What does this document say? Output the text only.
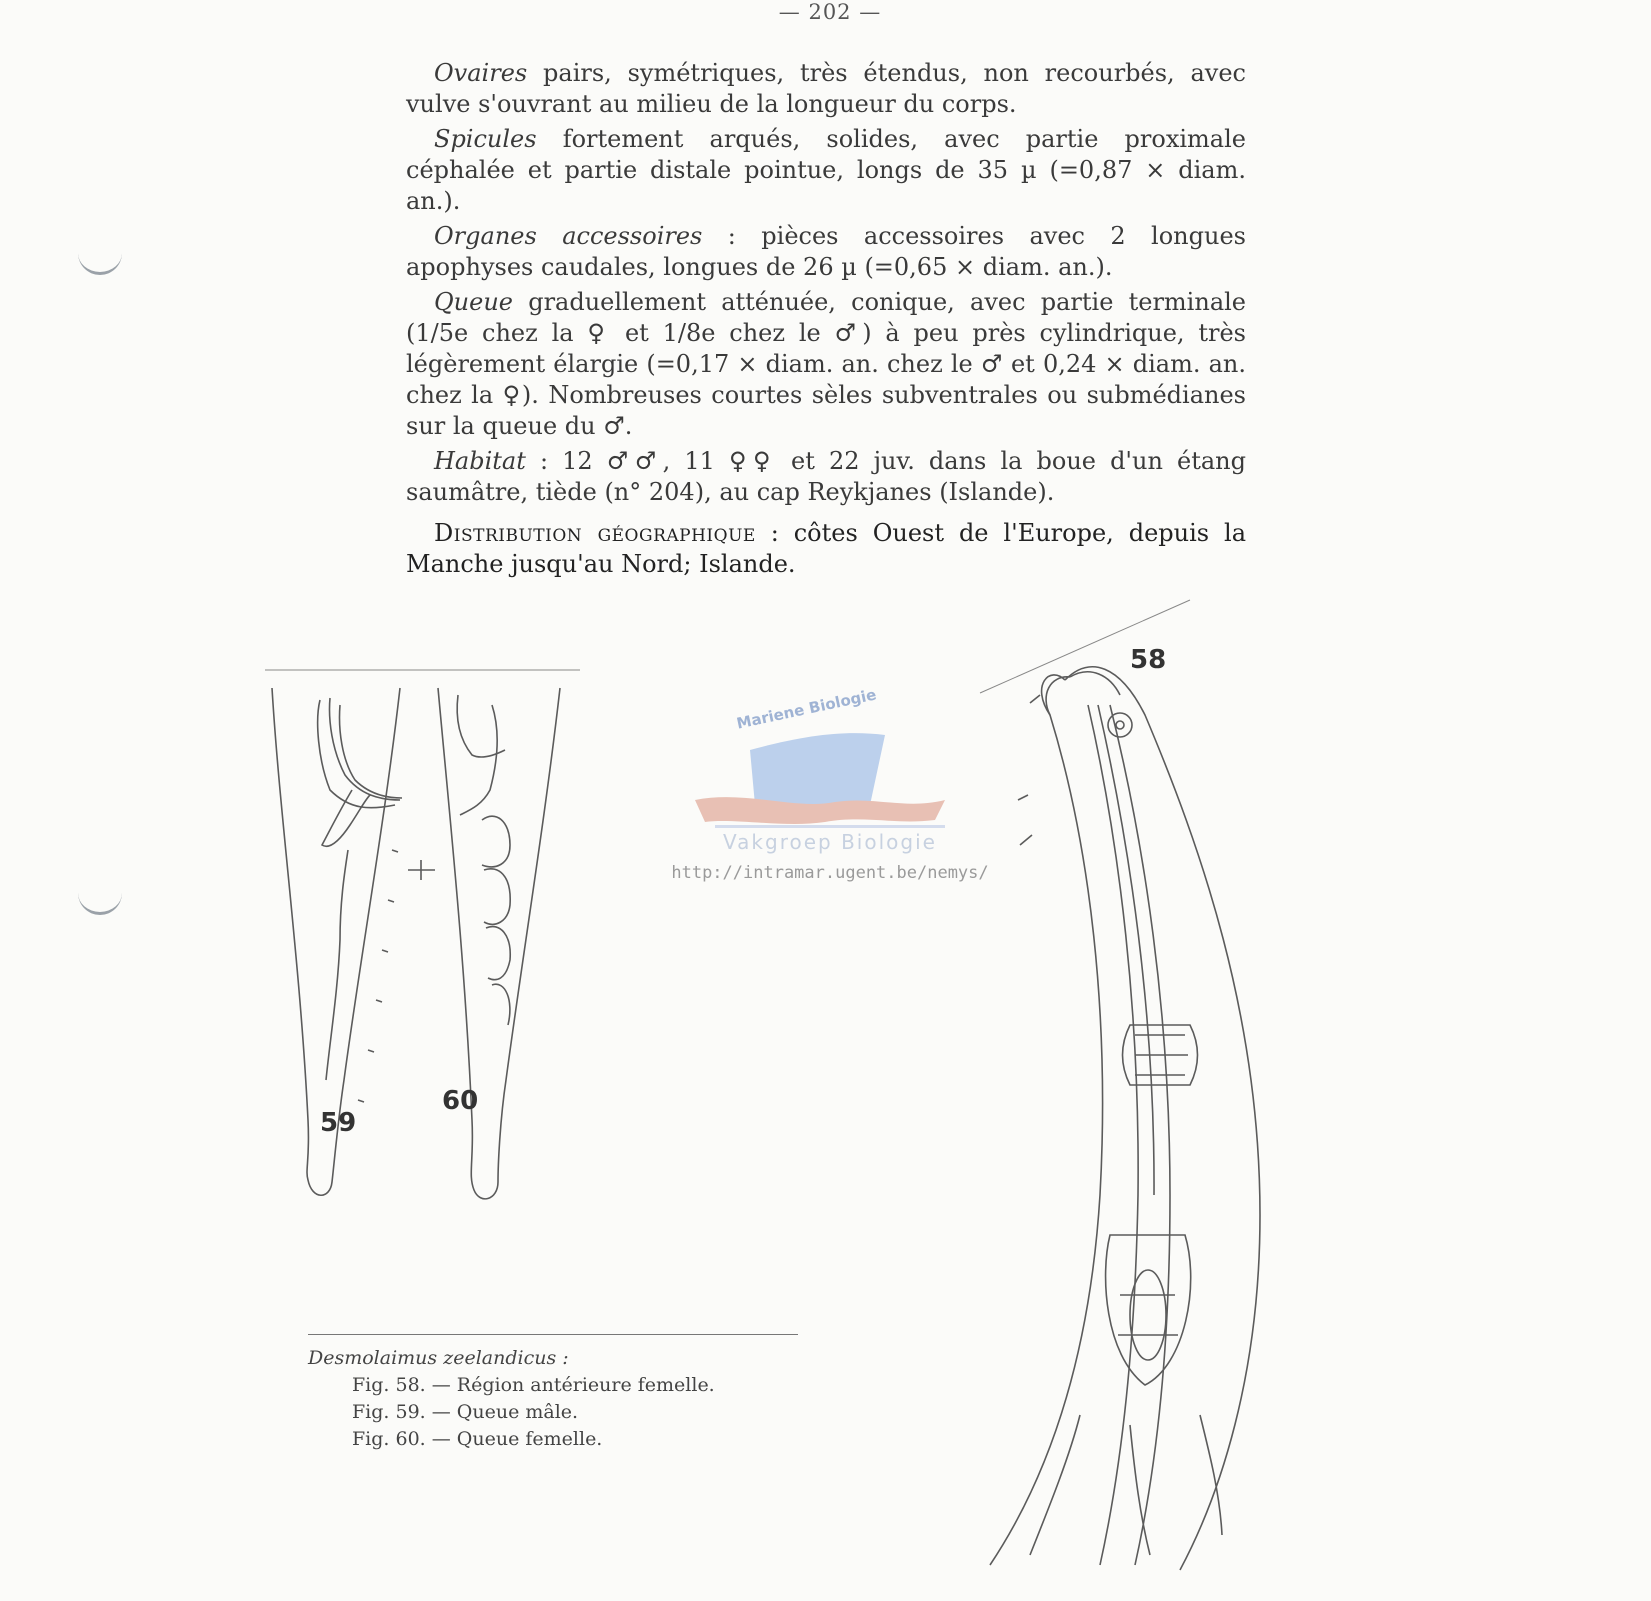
— 202 —

Ovaires pairs, symétriques, très étendus, non recourbés, avec vulve s'ouvrant au milieu de la longueur du corps.

Spicules fortement arqués, solides, avec partie proximale céphalée et partie distale pointue, longs de 35 µ (=0,87 × diam. an.).

Organes accessoires : pièces accessoires avec 2 longues apophyses caudales, longues de 26 µ (=0,65 × diam. an.).

Queue graduellement atténuée, conique, avec partie terminale (1/5e chez la ♀ et 1/8e chez le ♂) à peu près cylindrique, très légèrement élargie (=0,17 × diam. an. chez le ♂ et 0,24 × diam. an. chez la ♀). Nombreuses courtes sèles subventrales ou submédianes sur la queue du ♂.

Habitat : 12 ♂♂, 11 ♀♀ et 22 juv. dans la boue d'un étang saumâtre, tiède (n° 204), au cap Reykjanes (Islande).

Distribution géographique : côtes Ouest de l'Europe, depuis la Manche jusqu'au Nord; Islande.

59
60
Mariene Biologie
Vakgroep Biologie
http://intramar.ugent.be/nemys/
58
Desmolaimus zeelandicus :
Fig. 58. — Région antérieure femelle.
Fig. 59. — Queue mâle.
Fig. 60. — Queue femelle.
